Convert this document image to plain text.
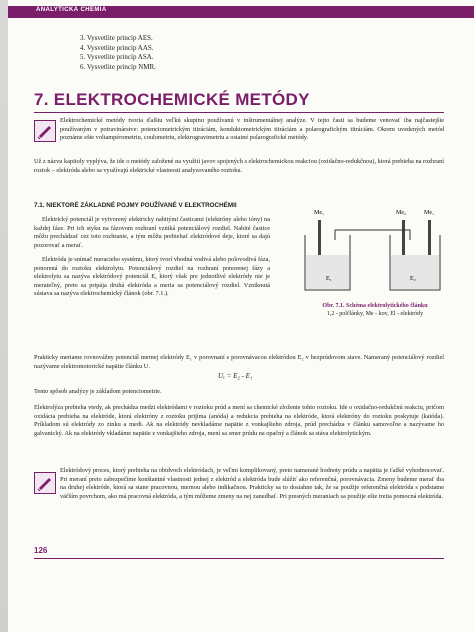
ANALYTICKÁ CHÉMIA
3. Vysvetlite princíp AES.
4. Vysvetlite princíp AAS.
5. Vysvetlite princíp ASA.
6. Vysvetlite princíp NMR.
7. ELEKTROCHEMICKÉ METÓDY
Elektrochemické metódy tvoria ďalšiu veľkú skupinu používanú v inštrumentálnej analýze. V tejto časti sa budeme venovať iba najčastejšie používaným v potravinárstve: potenciometrickým titráciám, konduktometrickým titráciám a polarografickým titráciám. Okrem uvedených metód poznáme ešte voltampérometriu, coulometriu, elektrogravimetriu a ostatné polarografické metódy.
Už z názvu kapitoly vyplýva, že ide o metódy založené na využití javov spojených s elektrochemickou reakciou (oxidačno-redukčnou), ktorá prebieha na rozhraní roztok – elektróda alebo sa využívajú elektrické vlastnosti analyzovaného roztoku.
7.1. NIEKTORÉ ZÁKLADNÉ POJMY POUŽÍVANÉ V ELEKTROCHÉMII

Elektrický potenciál je vytvorený elektricky nabitými časticami (elektróny alebo ióny) na každej fáze. Pri ich styku na fázovom rozhraní vzniká potenciálový rozdiel. Nabité častice môžu prechádzať cez toto rozhranie, a tým môžu prebiehať elektródové deje, ktoré sa dajú pozorovať a merať.

Elektróda je snímač meracieho systému, ktorý tvorí vhodná vodivá alebo polovodivá fáza, ponorená do roztoku elektrolytu. Potenciálový rozdiel na rozhraní ponorenej fázy a elektrolytu sa nazýva elektródový potenciál E, ktorý však pre jednotlivé elektródy nie je merateľný, preto sa pripája druhá elektróda a meria sa potenciálový rozdiel. Vzniknutá sústava sa nazýva elektrochemický článok (obr. 7.1.).

Me₁	Me₂	Me₁
E₁	E₂
Obr. 7.1. Schéma elektrolytického článku
1,2 - polčlánky, Me - kov, El - elektródy
Prakticky meriame rovnovážny potenciál mernej elektródy E₁ v porovnaní s porovnávacou elektródou E₂ v bezprúdovom stave. Nameraný potenciálový rozdiel nazývame elektromotorické napätie článku U.
Uₑ = E₂ - E₁
Tento spôsob analýzy je základom potenciometrie.
Elektrolýza prebieha vtedy, ak prechádza medzi elektródami v roztoku prúd a mení sa chemické zloženie tohto roztoku. Ide o oxidačno-redukčnú reakciu, pričom oxidácia prebieha na elektróde, ktorá elektróny z roztoku prijíma (anóda) a redukcia prebieha na elektróde, ktorá elektróny do roztoku poskytuje (katóda). Príkladom sú elektródy zo zinku a medi. Ak na elektródy nevkladáme napätie z vonkajšieho zdroja, prúd prechádza v článku samovoľne a nazývame ho galvanický. Ak na elektródy vkladáme napätie z vonkajšieho zdroja, mení sa smer prúdu na opačný a článok sa stáva elektrolytickým.
Elektródový proces, ktorý prebieha na obidvoch elektródach, je veľmi komplikovaný, preto namerané hodnoty prúdu a napätia je ťažké vyhodnocovať. Pri meraní preto zabezpečíme konštantné vlastnosti jednej z elektród a elektróda bude slúžiť ako referenčná, porovnávacia. Zmeny budeme merať iba na druhej elektróde, ktorá sa stane pracovnou, mernou alebo indikačnou. Prakticky sa to dosiahne tak, že sa použije referenčná elektróda s podstatne väčším povrchom, ako má pracovná elektróda, a tým môžeme zmeny na nej zanedbať. Pri presných meraniach sa použije ešte tretia pomocná elektróda.
126
